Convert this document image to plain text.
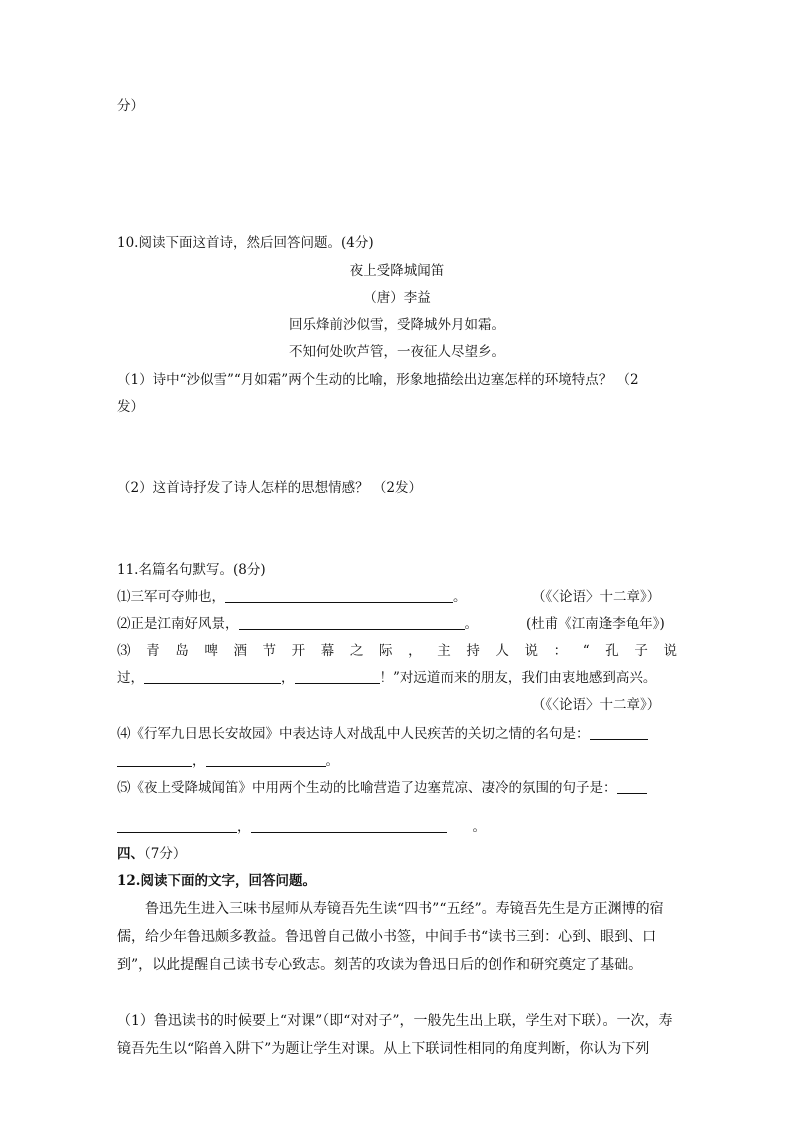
分）
10.阅读下面这首诗，然后回答问题。(4分)
夜上受降城闻笛
（唐）李益
回乐烽前沙似雪，受降城外月如霜。
不知何处吹芦管，一夜征人尽望乡。
（1）诗中“沙似雪”“月如霜”两个生动的比喻，形象地描绘出边塞怎样的环境特点？ （2
发）
（2）这首诗抒发了诗人怎样的思想情感？ （2发）
11.名篇名句默写。(8分)
⑴三军可夺帅也，	。	（《〈论语〉十二章》）
⑵正是江南好风景，	。	(杜甫《江南逢李龟年》)
⑶ 青 岛 啤 酒 节 开 幕 之 际 ， 主 持 人 说 ： “ 孔 子 说
过，	，	！”对远道而来的朋友，我们由衷地感到高兴。
（《〈论语〉十二章》）
⑷《行军九日思长安故园》中表达诗人对战乱中人民疾苦的关切之情的名句是：
，	。
⑸《夜上受降城闻笛》中用两个生动的比喻营造了边塞荒凉、凄冷的氛围的句子是：
，	。
四、（7分）
12.阅读下面的文字，回答问题。
鲁迅先生进入三味书屋师从寿镜吾先生读“四书”“五经”。寿镜吾先生是方正渊博的宿儒，给少年鲁迅颇多教益。鲁迅曾自己做小书签，中间手书“读书三到：心到、眼到、口到”，以此提醒自己读书专心致志。刻苦的攻读为鲁迅日后的创作和研究奠定了基础。
（1）鲁迅读书的时候要上“对课”（即“对对子”，一般先生出上联，学生对下联）。一次，寿镜吾先生以“陷兽入阱下”为题让学生对课。从上下联词性相同的角度判断，你认为下列
